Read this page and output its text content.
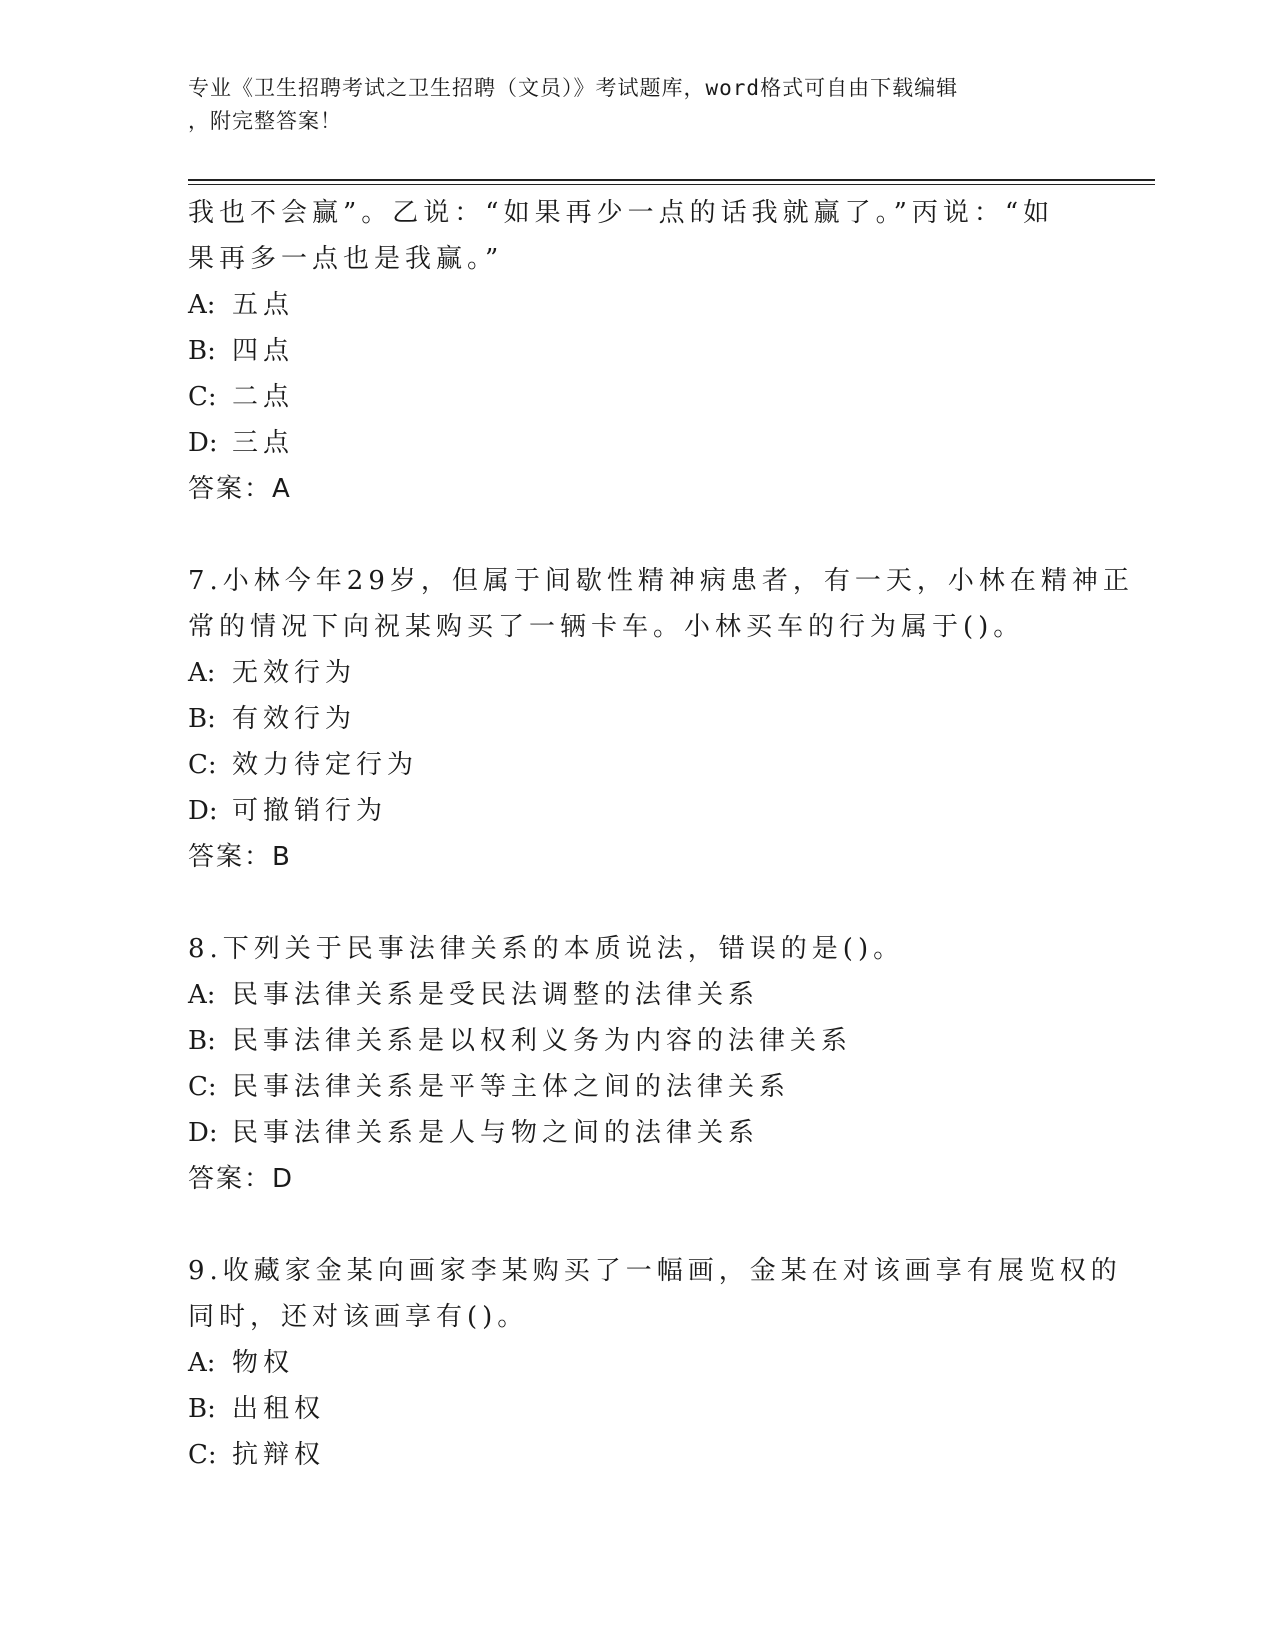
专业《卫生招聘考试之卫生招聘（文员）》考试题库，word格式可自由下载编辑
，附完整答案！
我也不会赢”。乙说：“如果再少一点的话我就赢了。”丙说：“如
果再多一点也是我赢。”
A: 五点
B: 四点
C: 二点
D: 三点
答案：A
7.小林今年29岁，但属于间歇性精神病患者，有一天，小林在精神正
常的情况下向祝某购买了一辆卡车。小林买车的行为属于()。
A: 无效行为
B: 有效行为
C: 效力待定行为
D: 可撤销行为
答案：B
8.下列关于民事法律关系的本质说法，错误的是()。
A: 民事法律关系是受民法调整的法律关系
B: 民事法律关系是以权利义务为内容的法律关系
C: 民事法律关系是平等主体之间的法律关系
D: 民事法律关系是人与物之间的法律关系
答案：D
9.收藏家金某向画家李某购买了一幅画，金某在对该画享有展览权的
同时，还对该画享有()。
A: 物权
B: 出租权
C: 抗辩权
